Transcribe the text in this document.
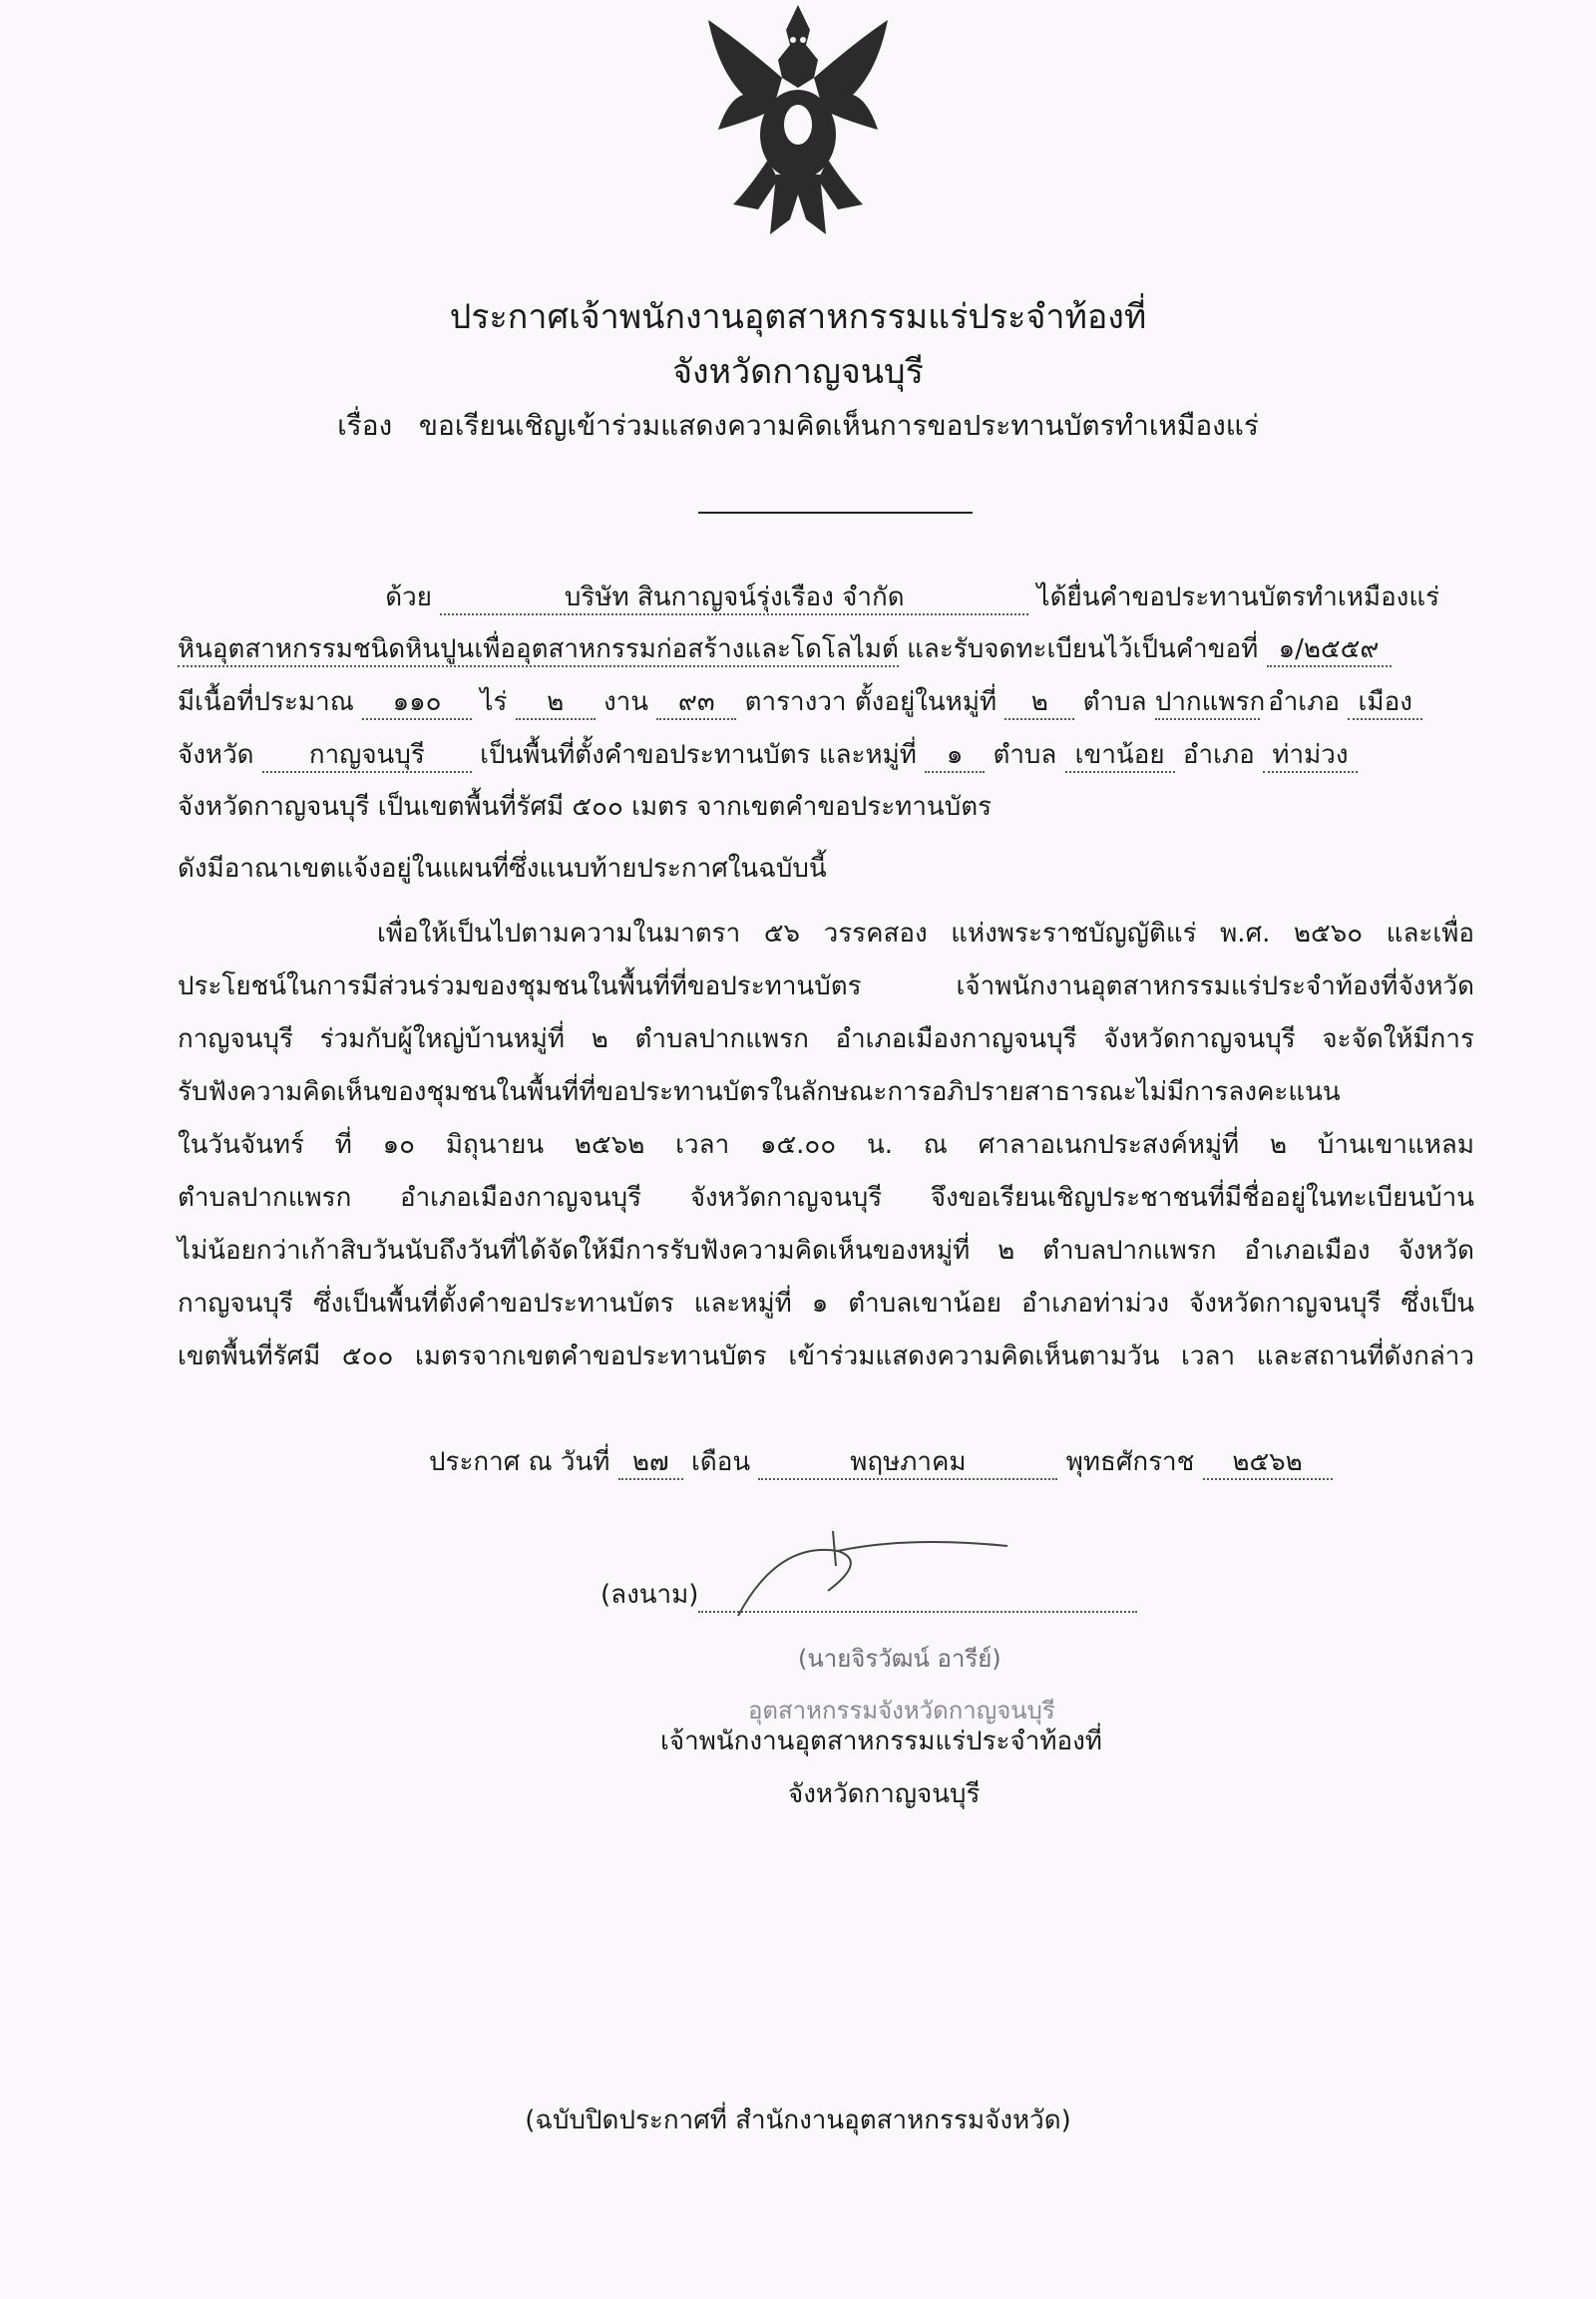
ประกาศเจ้าพนักงานอุตสาหกรรมแร่ประจำท้องที่
จังหวัดกาญจนบุรี
เรื่อง ขอเรียนเชิญเข้าร่วมแสดงความคิดเห็นการขอประทานบัตรทำเหมืองแร่
ด้วย	บริษัท สินกาญจน์รุ่งเรือง จำกัด	ได้ยื่นคำขอประทานบัตรทำเหมืองแร่
หินอุตสาหกรรมชนิดหินปูนเพื่ออุตสาหกรรมก่อสร้างและโดโลไมต์ และรับจดทะเบียนไว้เป็นคำขอที่ ๑/๒๕๕๙
มีเนื้อที่ประมาณ ๑๑๐ ไร่ ๒ งาน ๙๓ ตารางวา ตั้งอยู่ในหมู่ที่ ๒ ตำบล ปากแพรก อำเภอ เมือง
จังหวัด กาญจนบุรี เป็นพื้นที่ตั้งคำขอประทานบัตร และหมู่ที่ ๑ ตำบล เขาน้อย อำเภอ ท่าม่วง
จังหวัดกาญจนบุรี เป็นเขตพื้นที่รัศมี ๕๐๐ เมตร จากเขตคำขอประทานบัตร
ดังมีอาณาเขตแจ้งอยู่ในแผนที่ซึ่งแนบท้ายประกาศในฉบับนี้
เพื่อให้เป็นไปตามความในมาตรา ๕๖ วรรคสอง แห่งพระราชบัญญัติแร่ พ.ศ. ๒๕๖๐ และเพื่อ
ประโยชน์ในการมีส่วนร่วมของชุมชนในพื้นที่ที่ขอประทานบัตร เจ้าพนักงานอุตสาหกรรมแร่ประจำท้องที่จังหวัด
กาญจนบุรี ร่วมกับผู้ใหญ่บ้านหมู่ที่ ๒ ตำบลปากแพรก อำเภอเมืองกาญจนบุรี จังหวัดกาญจนบุรี จะจัดให้มีการ
รับฟังความคิดเห็นของชุมชนในพื้นที่ที่ขอประทานบัตรในลักษณะการอภิปรายสาธารณะไม่มีการลงคะแนน
ในวันจันทร์ ที่ ๑๐ มิถุนายน ๒๕๖๒ เวลา ๑๕.๐๐ น. ณ ศาลาอเนกประสงค์หมู่ที่ ๒ บ้านเขาแหลม
ตำบลปากแพรก อำเภอเมืองกาญจนบุรี จังหวัดกาญจนบุรี จึงขอเรียนเชิญประชาชนที่มีชื่ออยู่ในทะเบียนบ้าน
ไม่น้อยกว่าเก้าสิบวันนับถึงวันที่ได้จัดให้มีการรับฟังความคิดเห็นของหมู่ที่ ๒ ตำบลปากแพรก อำเภอเมือง จังหวัด
กาญจนบุรี ซึ่งเป็นพื้นที่ตั้งคำขอประทานบัตร และหมู่ที่ ๑ ตำบลเขาน้อย อำเภอท่าม่วง จังหวัดกาญจนบุรี ซึ่งเป็น
เขตพื้นที่รัศมี ๕๐๐ เมตรจากเขตคำขอประทานบัตร เข้าร่วมแสดงความคิดเห็นตามวัน เวลา และสถานที่ดังกล่าว
ประกาศ ณ วันที่ ๒๗ เดือน	พฤษภาคม	พุทธศักราช ๒๕๖๒
(ลงนาม)
(นายจิรวัฒน์ อารีย์)
อุตสาหกรรมจังหวัดกาญจนบุรี
เจ้าพนักงานอุตสาหกรรมแร่ประจำท้องที่
จังหวัดกาญจนบุรี
(ฉบับปิดประกาศที่ สำนักงานอุตสาหกรรมจังหวัด)
